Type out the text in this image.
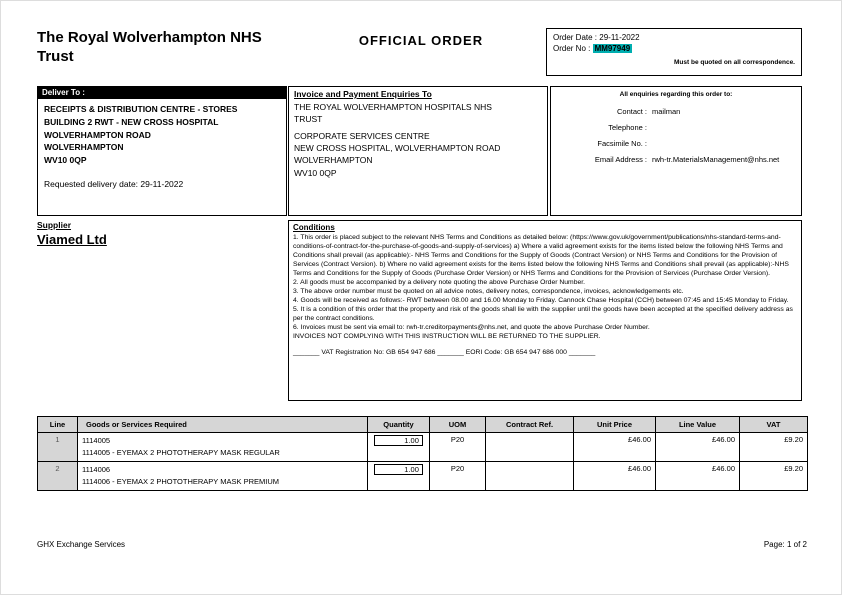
The Royal Wolverhampton NHS Trust
OFFICIAL ORDER	Order Date : 29-11-2022
Order No : MM97949
Must be quoted on all correspondence.
Deliver To :
RECEIPTS & DISTRIBUTION CENTRE - STORES
BUILDING 2 RWT - NEW CROSS HOSPITAL
WOLVERHAMPTON ROAD
WOLVERHAMPTON
WV10 0QP
Requested delivery date: 29-11-2022
Invoice and Payment Enquiries To
THE ROYAL WOLVERHAMPTON HOSPITALS NHS TRUST
CORPORATE SERVICES CENTRE
NEW CROSS HOSPITAL, WOLVERHAMPTON ROAD
WOLVERHAMPTON
WV10 0QP
All enquiries regarding this order to:
Contact : mailman
Telephone :
Facsimile No. :
Email Address : rwh-tr.MaterialsManagement@nhs.net
Supplier
Viamed Ltd
Conditions

1. This order is placed subject to the relevant NHS Terms and Conditions as detailed below: (https://www.gov.uk/government/publications/nhs-standard-terms-and-conditions-of-contract-for-the-purchase-of-goods-and-supply-of-services) a) Where a valid agreement exists for the items listed below the following NHS Terms and Conditions shall prevail (as applicable):- NHS Terms and Conditions for the Supply of Goods (Contract Version) or NHS Terms and Conditions for the Provision of Services (Contract Version). b) Where no valid agreement exists for the items listed below the following NHS Terms and Conditions shall prevail (as applicable):-NHS Terms and Conditions for the Supply of Goods (Purchase Order Version) or NHS Terms and Conditions for the Provision of Services (Purchase Order Version).

2. All goods must be accompanied by a delivery note quoting the above Purchase Order Number.

3. The above order number must be quoted on all advice notes, delivery notes, correspondence, invoices, acknowledgements etc.

4. Goods will be received as follows:- RWT between 08.00 and 16.00 Monday to Friday. Cannock Chase Hospital (CCH) between 07:45 and 15:45 Monday to Friday.

5. It is a condition of this order that the property and risk of the goods shall lie with the supplier until the goods have been accepted at the specified delivery address as per the contract conditions.

6. Invoices must be sent via email to: rwh-tr.creditorpayments@nhs.net, and quote the above Purchase Order Number.

INVOICES NOT COMPLYING WITH THIS INSTRUCTION WILL BE RETURNED TO THE SUPPLIER.

_______ VAT Registration No: GB 654 947 686 _______ EORI Code: GB 654 947 686 000 _______

Line	Goods or Services Required	Quantity	UOM	Contract Ref.	Unit Price	Line Value	VAT
1	1114005
1114005 - EYEMAX 2 PHOTOTHERAPY MASK REGULAR	1.00	P20		£46.00	£46.00	£9.20
2	1114006
1114006 - EYEMAX 2 PHOTOTHERAPY MASK PREMIUM	1.00	P20		£46.00	£46.00	£9.20
GHX Exchange Services	Page: 1 of 2
